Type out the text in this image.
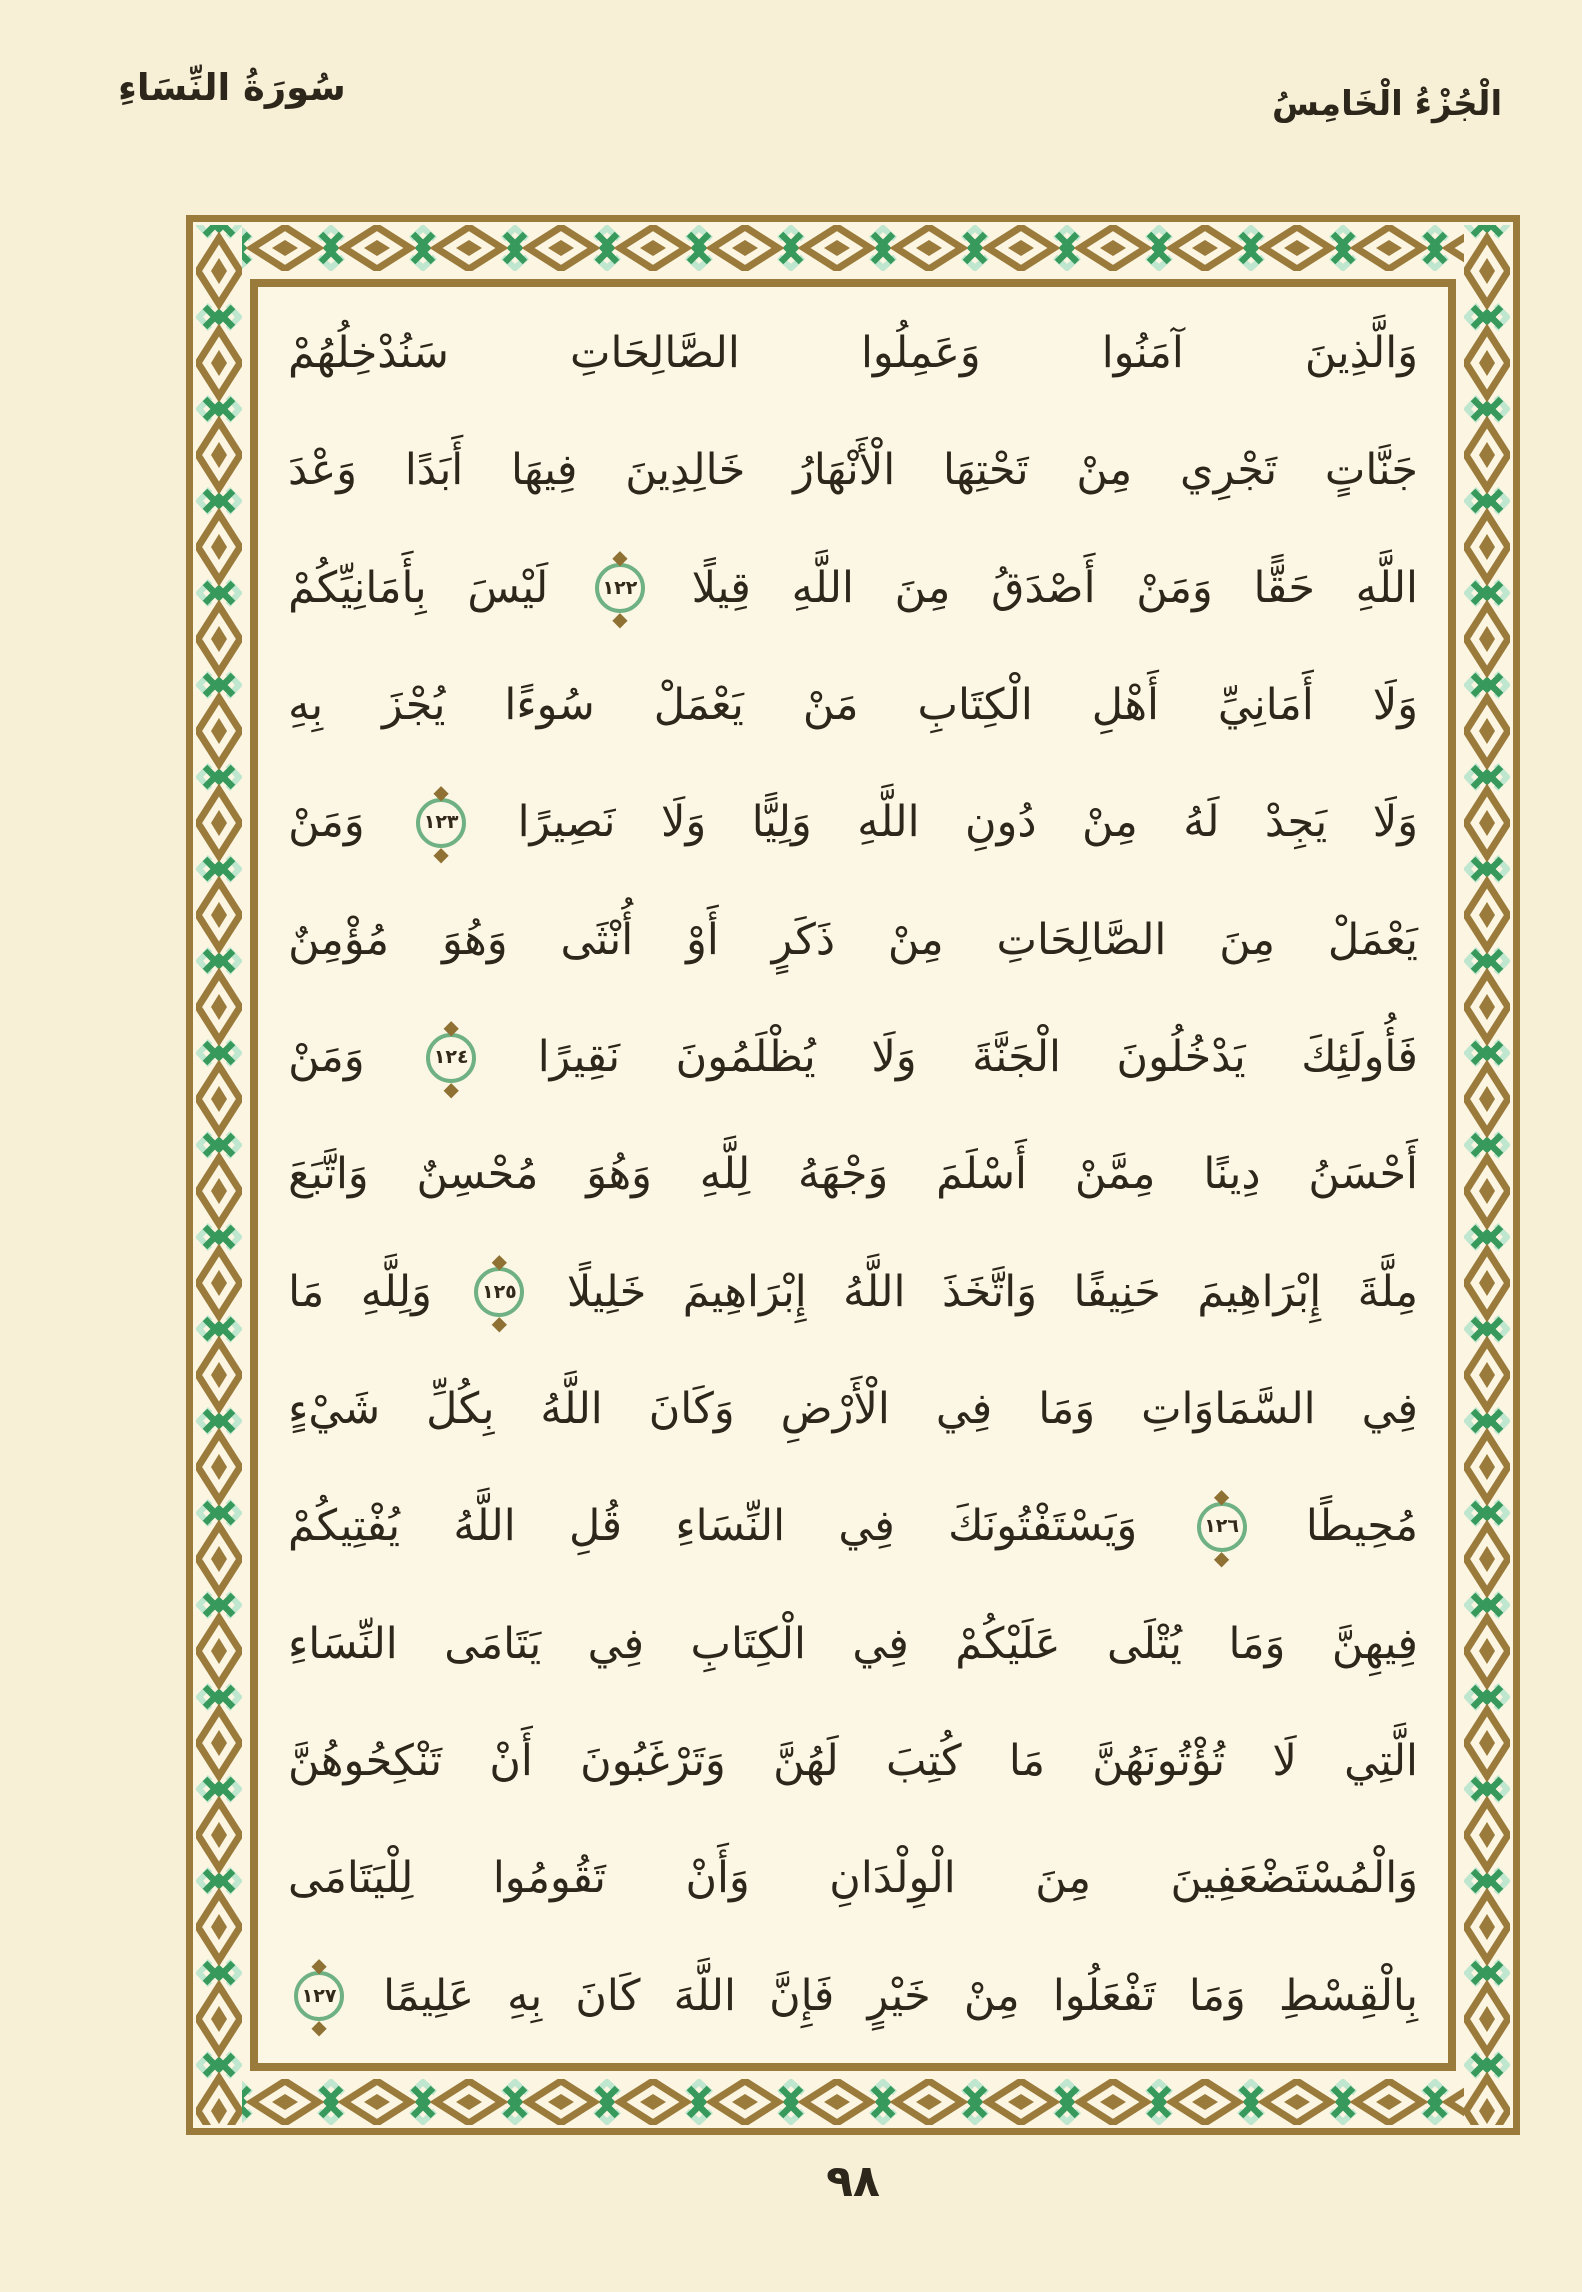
سُورَةُ النِّسَاءِ	الْجُزْءُ الْخَامِسُ
وَالَّذِينَ
آمَنُوا
وَعَمِلُوا
الصَّالِحَاتِ
سَنُدْخِلُهُمْ
جَنَّاتٍ
تَجْرِي
مِنْ
تَحْتِهَا
الْأَنْهَارُ
خَالِدِينَ
فِيهَا
أَبَدًا
وَعْدَ
اللَّهِ
حَقًّا
وَمَنْ
أَصْدَقُ
مِنَ
اللَّهِ
قِيلًا
◆ ١٢٢
◆
لَيْسَ
بِأَمَانِيِّكُمْ
وَلَا
أَمَانِيِّ
أَهْلِ
الْكِتَابِ
مَنْ
يَعْمَلْ
سُوءًا
يُجْزَ
بِهِ
وَلَا
يَجِدْ
لَهُ
مِنْ
دُونِ
اللَّهِ
وَلِيًّا
وَلَا
نَصِيرًا
◆ ١٢٣
◆
وَمَنْ
يَعْمَلْ
مِنَ
الصَّالِحَاتِ
مِنْ
ذَكَرٍ
أَوْ
أُنْثَى
وَهُوَ
مُؤْمِنٌ
فَأُولَئِكَ
يَدْخُلُونَ
الْجَنَّةَ
وَلَا
يُظْلَمُونَ
نَقِيرًا
◆ ١٢٤
◆
وَمَنْ
أَحْسَنُ
دِينًا
مِمَّنْ
أَسْلَمَ
وَجْهَهُ
لِلَّهِ
وَهُوَ
مُحْسِنٌ
وَاتَّبَعَ
مِلَّةَ
إِبْرَاهِيمَ
حَنِيفًا
وَاتَّخَذَ
اللَّهُ
إِبْرَاهِيمَ
خَلِيلًا
◆ ١٢٥
◆
وَلِلَّهِ
مَا
فِي
السَّمَاوَاتِ
وَمَا
فِي
الْأَرْضِ
وَكَانَ
اللَّهُ
بِكُلِّ
شَيْءٍ
مُحِيطًا
◆ ١٢٦
◆
وَيَسْتَفْتُونَكَ
فِي
النِّسَاءِ
قُلِ
اللَّهُ
يُفْتِيكُمْ
فِيهِنَّ
وَمَا
يُتْلَى
عَلَيْكُمْ
فِي
الْكِتَابِ
فِي
يَتَامَى
النِّسَاءِ
الَّتِي
لَا
تُؤْتُونَهُنَّ
مَا
كُتِبَ
لَهُنَّ
وَتَرْغَبُونَ
أَنْ
تَنْكِحُوهُنَّ
وَالْمُسْتَضْعَفِينَ
مِنَ
الْوِلْدَانِ
وَأَنْ
تَقُومُوا
لِلْيَتَامَى
بِالْقِسْطِ
وَمَا
تَفْعَلُوا
مِنْ
خَيْرٍ
فَإِنَّ
اللَّهَ
كَانَ
بِهِ
عَلِيمًا
◆ ١٢٧
◆
٩٨
